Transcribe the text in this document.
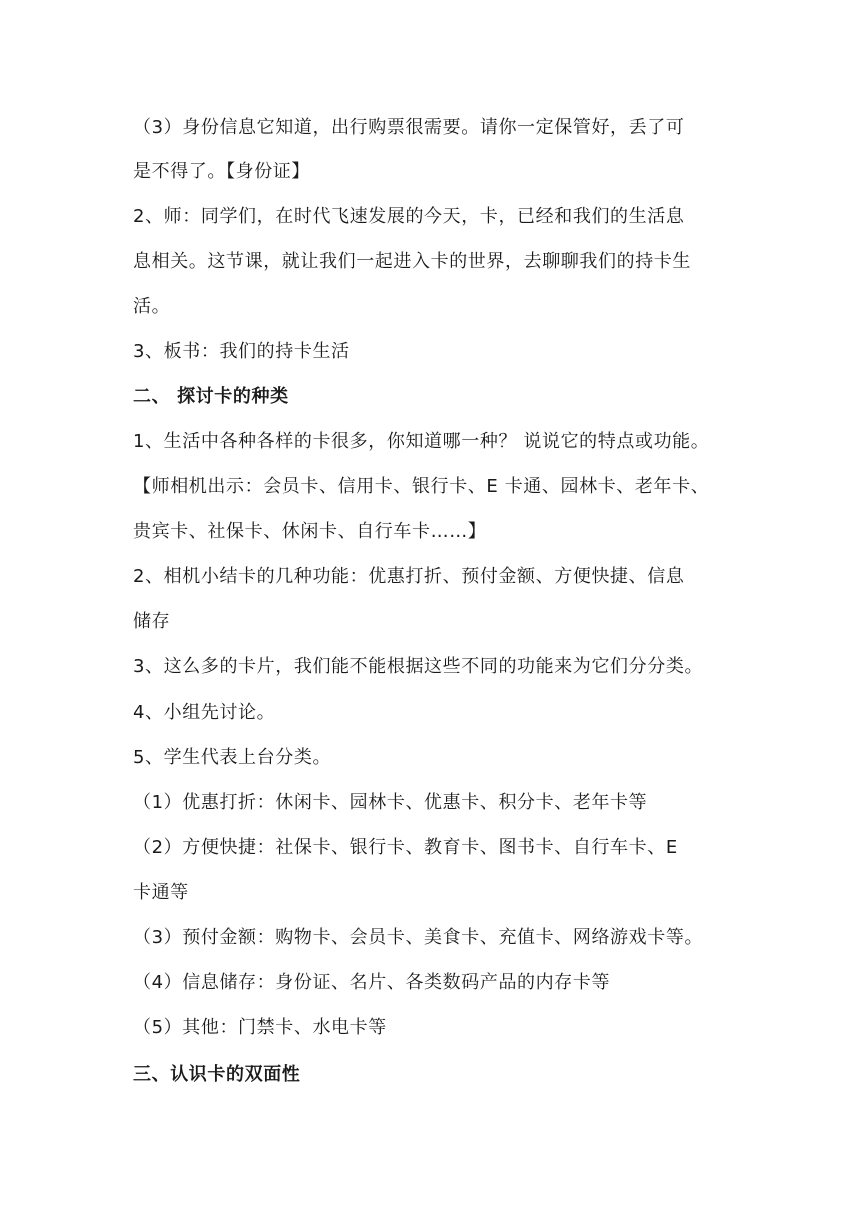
（3）身份信息它知道，出行购票很需要。请你一定保管好，丢了可
是不得了。【身份证】
2、师：同学们，在时代飞速发展的今天，卡，已经和我们的生活息
息相关。这节课，就让我们一起进入卡的世界，去聊聊我们的持卡生
活。
3、板书：我们的持卡生活
二、 探讨卡的种类
1、生活中各种各样的卡很多，你知道哪一种？ 说说它的特点或功能。
【师相机出示：会员卡、信用卡、银行卡、E 卡通、园林卡、老年卡、
贵宾卡、社保卡、休闲卡、自行车卡……】
2、相机小结卡的几种功能：优惠打折、预付金额、方便快捷、信息
储存
3、这么多的卡片，我们能不能根据这些不同的功能来为它们分分类。
4、小组先讨论。
5、学生代表上台分类。
（1）优惠打折：休闲卡、园林卡、优惠卡、积分卡、老年卡等
（2）方便快捷：社保卡、银行卡、教育卡、图书卡、自行车卡、E
卡通等
（3）预付金额：购物卡、会员卡、美食卡、充值卡、网络游戏卡等。
（4）信息储存：身份证、名片、各类数码产品的内存卡等
（5）其他：门禁卡、水电卡等
三、认识卡的双面性
